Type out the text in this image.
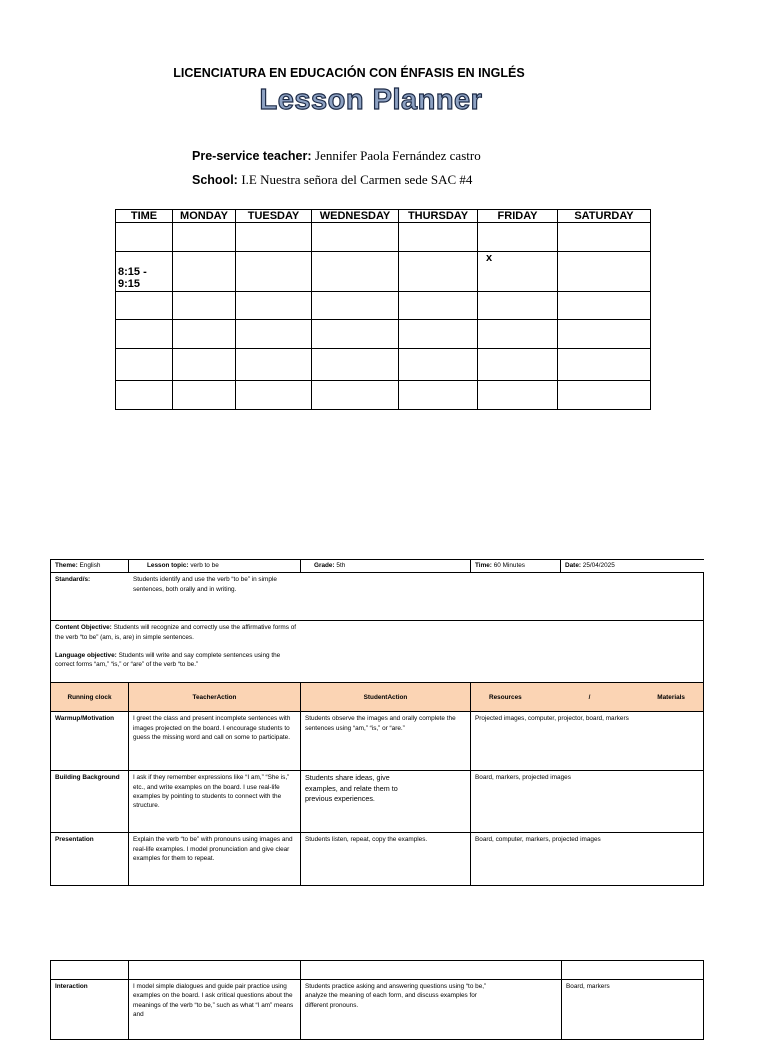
LICENCIATURA EN EDUCACIÓN CON ÉNFASIS EN INGLÉS
Lesson Planner
Pre-service teacher: Jennifer Paola Fernández castro
School: I.E Nuestra señora del Carmen sede SAC #4
TIME	MONDAY	TUESDAY	WEDNESDAY	THURSDAY	FRIDAY	SATURDAY

8:15 - 9:15					x	

Theme: English	Lesson topic: verb to be	Grade: 5th	Time: 60 Minutes	Date: 25/04/2025
Standard/s: Students identify and use the verb “to be” in simple sentences, both orally and in writing.				

Content Objective: Students will recognize and correctly use the affirmative forms of the verb “to be” (am, is, are) in simple sentences.
Language objective: Students will write and say complete sentences using the correct forms “am,” “is,” or “are” of the verb “to be.”				

Running clock	TeacherAction	StudentAction	Resources / Materials	

Warmup/Motivation	I greet the class and present incomplete sentences with images projected on the board. I encourage students to guess the missing word and call on some to participate.	Students observe the images and orally complete the sentences using “am,” “is,” or “are.”	Projected images, computer, projector, board, markers	
Building Background	I ask if they remember expressions like “I am,” “She is,” etc., and write examples on the board. I use real-life examples by pointing to students to connect with the structure.	Students share ideas, give examples, and relate them to previous experiences.	Board, markers, projected images	
Presentation	Explain the verb “to be” with pronouns using images and real-life examples. I model pronunciation and give clear examples for them to repeat.	Students listen, repeat, copy the examples.	Board, computer, markers, projected images	

Interaction	I model simple dialogues and guide pair practice using examples on the board. I ask critical questions about the meanings of the verb “to be,” such as what “I am” means and	Students practice asking and answering questions using “to be,” analyze the meaning of each form, and discuss examples for different pronouns.	Board, markers
